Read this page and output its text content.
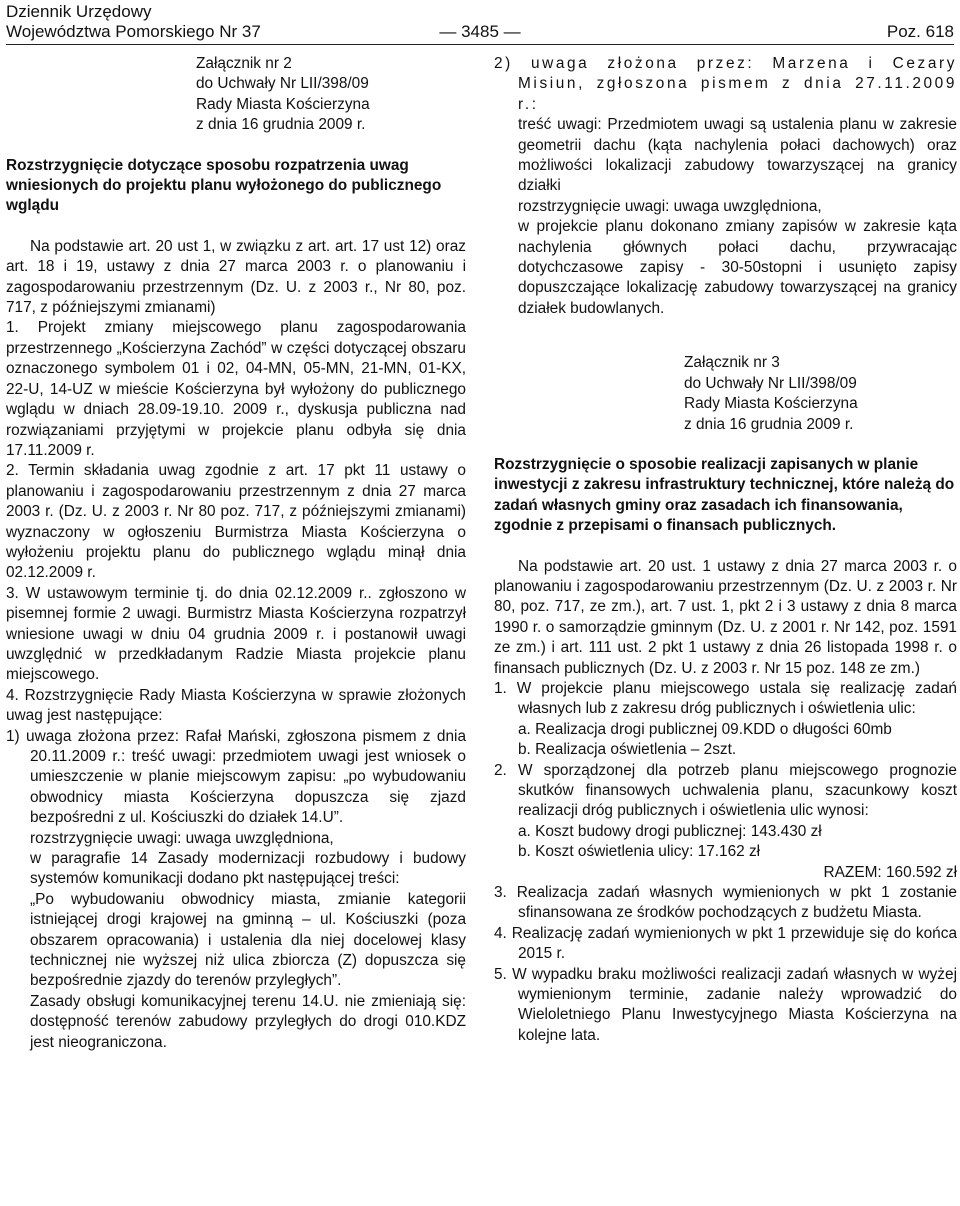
Dziennik Urzędowy
Województwa Pomorskiego Nr 37	— 3485 —	Poz. 618
Załącznik nr 2
do Uchwały Nr LII/398/09
Rady Miasta Kościerzyna
z dnia 16 grudnia 2009 r.

Rozstrzygnięcie dotyczące sposobu rozpatrzenia uwag wniesionych do projektu planu wyłożonego do publicznego wglądu

Na podstawie art. 20 ust 1, w związku z art. art. 17 ust 12) oraz art. 18 i 19, ustawy z dnia 27 marca 2003 r. o planowaniu i zagospodarowaniu przestrzennym (Dz. U. z 2003 r., Nr 80, poz. 717, z późniejszymi zmianami)

1. Projekt zmiany miejscowego planu zagospodarowania przestrzennego „Kościerzyna Zachód” w części dotyczącej obszaru oznaczonego symbolem 01 i 02, 04-MN, 05-MN, 21-MN, 01-KX, 22-U, 14-UZ w mieście Kościerzyna był wyłożony do publicznego wglądu w dniach 28.09-19.10. 2009 r., dyskusja publiczna nad rozwiązaniami przyjętymi w projekcie planu odbyła się dnia 17.11.2009 r.

2. Termin składania uwag zgodnie z art. 17 pkt 11 ustawy o planowaniu i zagospodarowaniu przestrzennym z dnia 27 marca 2003 r. (Dz. U. z 2003 r. Nr 80 poz. 717, z późniejszymi zmianami) wyznaczony w ogłoszeniu Burmistrza Miasta Kościerzyna o wyłożeniu projektu planu do publicznego wglądu minął dnia 02.12.2009 r.

3. W ustawowym terminie tj. do dnia 02.12.2009 r.. zgłoszono w pisemnej formie 2 uwagi. Burmistrz Miasta Kościerzyna rozpatrzył wniesione uwagi w dniu 04 grudnia 2009 r. i postanowił uwagi uwzględnić w przedkładanym Radzie Miasta projekcie planu miejscowego.

4. Rozstrzygnięcie Rady Miasta Kościerzyna w sprawie złożonych uwag jest następujące:

1) uwaga złożona przez: Rafał Mański, zgłoszona pismem z dnia 20.11.2009 r.: treść uwagi: przedmiotem uwagi jest wniosek o umieszczenie w planie miejscowym zapisu: „po wybudowaniu obwodnicy miasta Kościerzyna dopuszcza się zjazd bezpośredni z ul. Kościuszki do działek 14.U”.

rozstrzygnięcie uwagi: uwaga uwzględniona,

w paragrafie 14 Zasady modernizacji rozbudowy i budowy systemów komunikacji dodano pkt następującej treści:

„Po wybudowaniu obwodnicy miasta, zmianie kategorii istniejącej drogi krajowej na gminną – ul. Kościuszki (poza obszarem opracowania) i ustalenia dla niej docelowej klasy technicznej nie wyższej niż ulica zbiorcza (Z) dopuszcza się bezpośrednie zjazdy do terenów przyległych”.

Zasady obsługi komunikacyjnej terenu 14.U. nie zmieniają się: dostępność terenów zabudowy przyległych do drogi 010.KDZ jest nieograniczona.

2) uwaga złożona przez: Marzena i Cezary Misiun, zgłoszona pismem z dnia 27.11.2009 r.:

treść uwagi: Przedmiotem uwagi są ustalenia planu w zakresie geometrii dachu (kąta nachylenia połaci dachowych) oraz możliwości lokalizacji zabudowy towarzyszącej na granicy działki

rozstrzygnięcie uwagi: uwaga uwzględniona,

w projekcie planu dokonano zmiany zapisów w zakresie kąta nachylenia głównych połaci dachu, przywracając dotychczasowe zapisy - 30-50stopni i usunięto zapisy dopuszczające lokalizację zabudowy towarzyszącej na granicy działek budowlanych.

Załącznik nr 3
do Uchwały Nr LII/398/09
Rady Miasta Kościerzyna
z dnia 16 grudnia 2009 r.

Rozstrzygnięcie o sposobie realizacji zapisanych w planie inwestycji z zakresu infrastruktury technicznej, które należą do zadań własnych gminy oraz zasadach ich finansowania, zgodnie z przepisami o finansach publicznych.

Na podstawie art. 20 ust. 1 ustawy z dnia 27 marca 2003 r. o planowaniu i zagospodarowaniu przestrzennym (Dz. U. z 2003 r. Nr 80, poz. 717, ze zm.), art. 7 ust. 1, pkt 2 i 3 ustawy z dnia 8 marca 1990 r. o samorządzie gminnym (Dz. U. z 2001 r. Nr 142, poz. 1591 ze zm.) i art. 111 ust. 2 pkt 1 ustawy z dnia 26 listopada 1998 r. o finansach publicznych (Dz. U. z 2003 r. Nr 15 poz. 148 ze zm.)

1. W projekcie planu miejscowego ustala się realizację zadań własnych lub z zakresu dróg publicznych i oświetlenia ulic:

a. Realizacja drogi publicznej 09.KDD o długości 60mb

b. Realizacja oświetlenia – 2szt.

2. W sporządzonej dla potrzeb planu miejscowego prognozie skutków finansowych uchwalenia planu, szacunkowy koszt realizacji dróg publicznych i oświetlenia ulic wynosi:

a. Koszt budowy drogi publicznej: 143.430 zł

b. Koszt oświetlenia ulicy: 17.162 zł

RAZEM: 160.592 zł

3. Realizacja zadań własnych wymienionych w pkt 1 zostanie sfinansowana ze środków pochodzących z budżetu Miasta.

4. Realizację zadań wymienionych w pkt 1 przewiduje się do końca 2015 r.

5. W wypadku braku możliwości realizacji zadań własnych w wyżej wymienionym terminie, zadanie należy wprowadzić do Wieloletniego Planu Inwestycyjnego Miasta Kościerzyna na kolejne lata.
